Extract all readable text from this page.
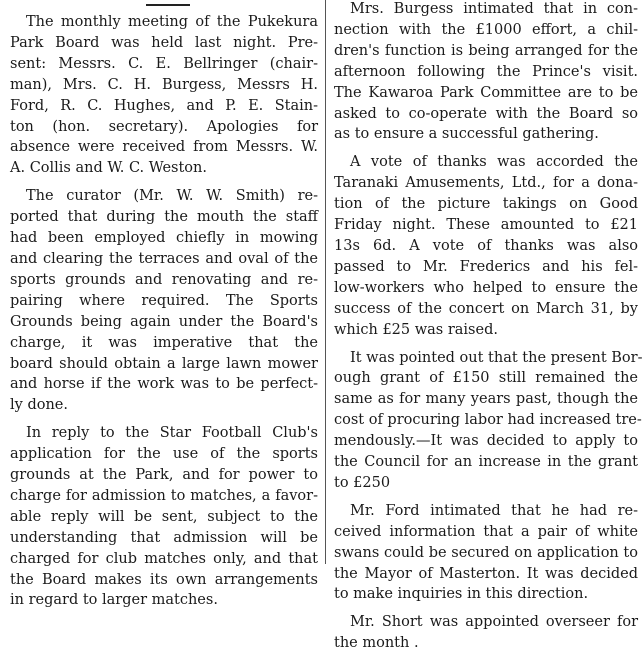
The monthly meeting of the Pukekura
Park Board was held last night. Pre-
sent: Messrs. C. E. Bellringer (chair-
man), Mrs. C. H. Burgess, Messrs H.
Ford, R. C. Hughes, and P. E. Stain-
ton (hon. secretary). Apologies for
absence were received from Messrs. W.
A. Collis and W. C. Weston.
The curator (Mr. W. W. Smith) re-
ported that during the mouth the staff
had been employed chiefly in mowing
and clearing the terraces and oval of the
sports grounds and renovating and re-
pairing where required. The Sports
Grounds being again under the Board's
charge, it was imperative that the
board should obtain a large lawn mower
and horse if the work was to be perfect-
ly done.
In reply to the Star Football Club's
application for the use of the sports
grounds at the Park, and for power to
charge for admission to matches, a favor-
able reply will be sent, subject to the
understanding that admission will be
charged for club matches only, and that
the Board makes its own arrangements
in regard to larger matches.
Mrs. Burgess intimated that in con-
nection with the £1000 effort, a chil-
dren's function is being arranged for the
afternoon following the Prince's visit.
The Kawaroa Park Committee are to be
asked to co-operate with the Board so
as to ensure a successful gathering.
A vote of thanks was accorded the
Taranaki Amusements, Ltd., for a dona-
tion of the picture takings on Good
Friday night. These amounted to £21
13s 6d. A vote of thanks was also
passed to Mr. Frederics and his fel-
low-workers who helped to ensure the
success of the concert on March 31, by
which £25 was raised.
It was pointed out that the present Bor-
ough grant of £150 still remained the
same as for many years past, though the
cost of procuring labor had increased tre-
mendously.—It was decided to apply to
the Council for an increase in the grant
to £250
Mr. Ford intimated that he had re-
ceived information that a pair of white
swans could be secured on application to
the Mayor of Masterton. It was decided
to make inquiries in this direction.
Mr. Short was appointed overseer for
the month .
